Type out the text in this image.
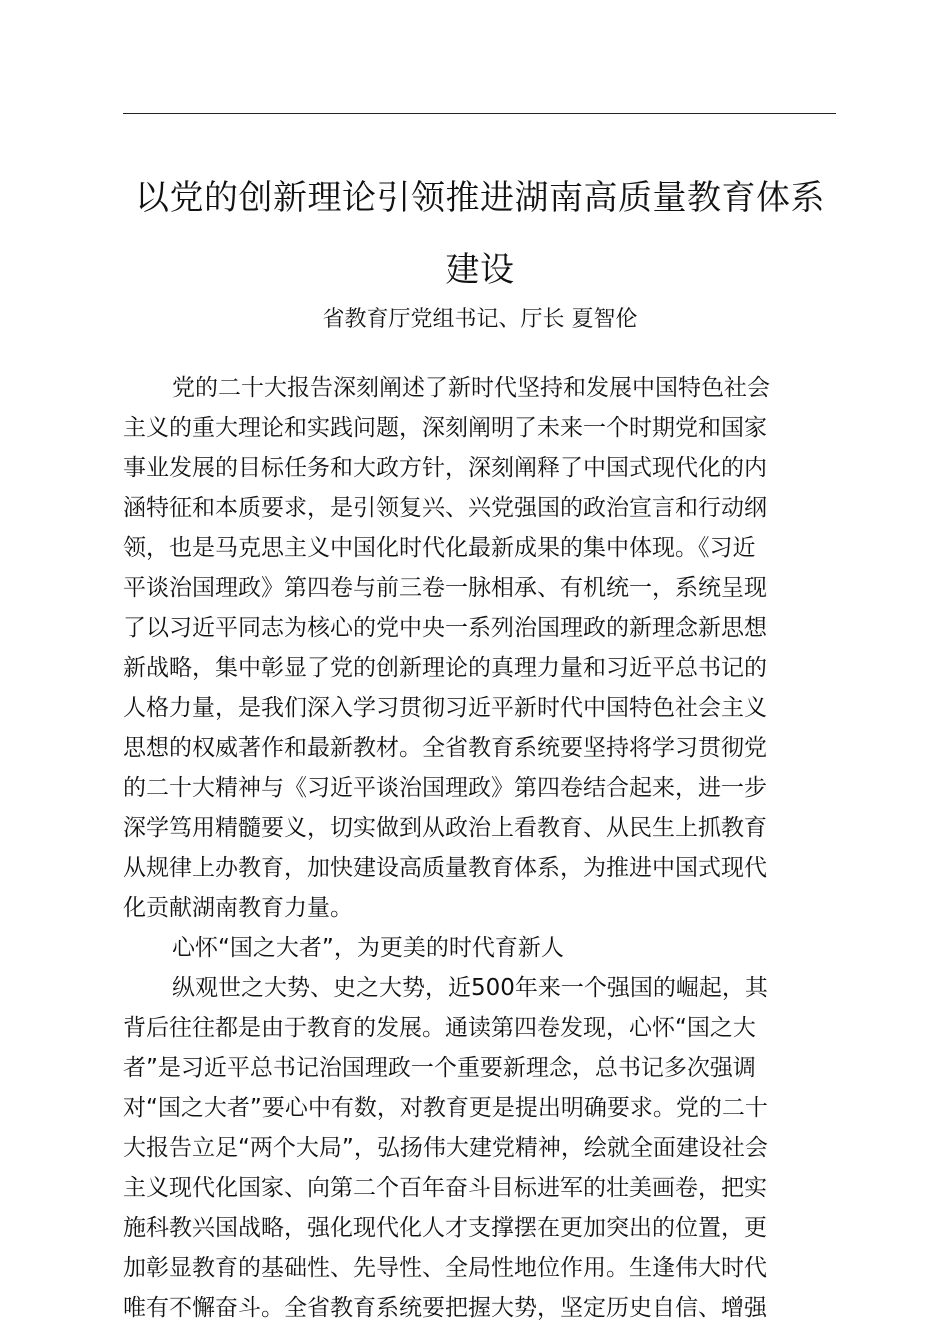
以党的创新理论引领推进湖南高质量教育体系
建设
省教育厅党组书记、厅长 夏智伦
党的二十大报告深刻阐述了新时代坚持和发展中国特色社会
主义的重大理论和实践问题，深刻阐明了未来一个时期党和国家
事业发展的目标任务和大政方针，深刻阐释了中国式现代化的内
涵特征和本质要求，是引领复兴、兴党强国的政治宣言和行动纲
领，也是马克思主义中国化时代化最新成果的集中体现。《习近
平谈治国理政》第四卷与前三卷一脉相承、有机统一，系统呈现
了以习近平同志为核心的党中央一系列治国理政的新理念新思想
新战略，集中彰显了党的创新理论的真理力量和习近平总书记的
人格力量，是我们深入学习贯彻习近平新时代中国特色社会主义
思想的权威著作和最新教材。全省教育系统要坚持将学习贯彻党
的二十大精神与《习近平谈治国理政》第四卷结合起来，进一步
深学笃用精髓要义，切实做到从政治上看教育、从民生上抓教育
从规律上办教育，加快建设高质量教育体系，为推进中国式现代
化贡献湖南教育力量。
心怀“国之大者”，为更美的时代育新人
纵观世之大势、史之大势，近500年来一个强国的崛起，其
背后往往都是由于教育的发展。通读第四卷发现，心怀“国之大
者”是习近平总书记治国理政一个重要新理念，总书记多次强调
对“国之大者”要心中有数，对教育更是提出明确要求。党的二十
大报告立足“两个大局”，弘扬伟大建党精神，绘就全面建设社会
主义现代化国家、向第二个百年奋斗目标进军的壮美画卷，把实
施科教兴国战略，强化现代化人才支撑摆在更加突出的位置，更
加彰显教育的基础性、先导性、全局性地位作用。生逢伟大时代
唯有不懈奋斗。全省教育系统要把握大势，坚定历史自信、增强
